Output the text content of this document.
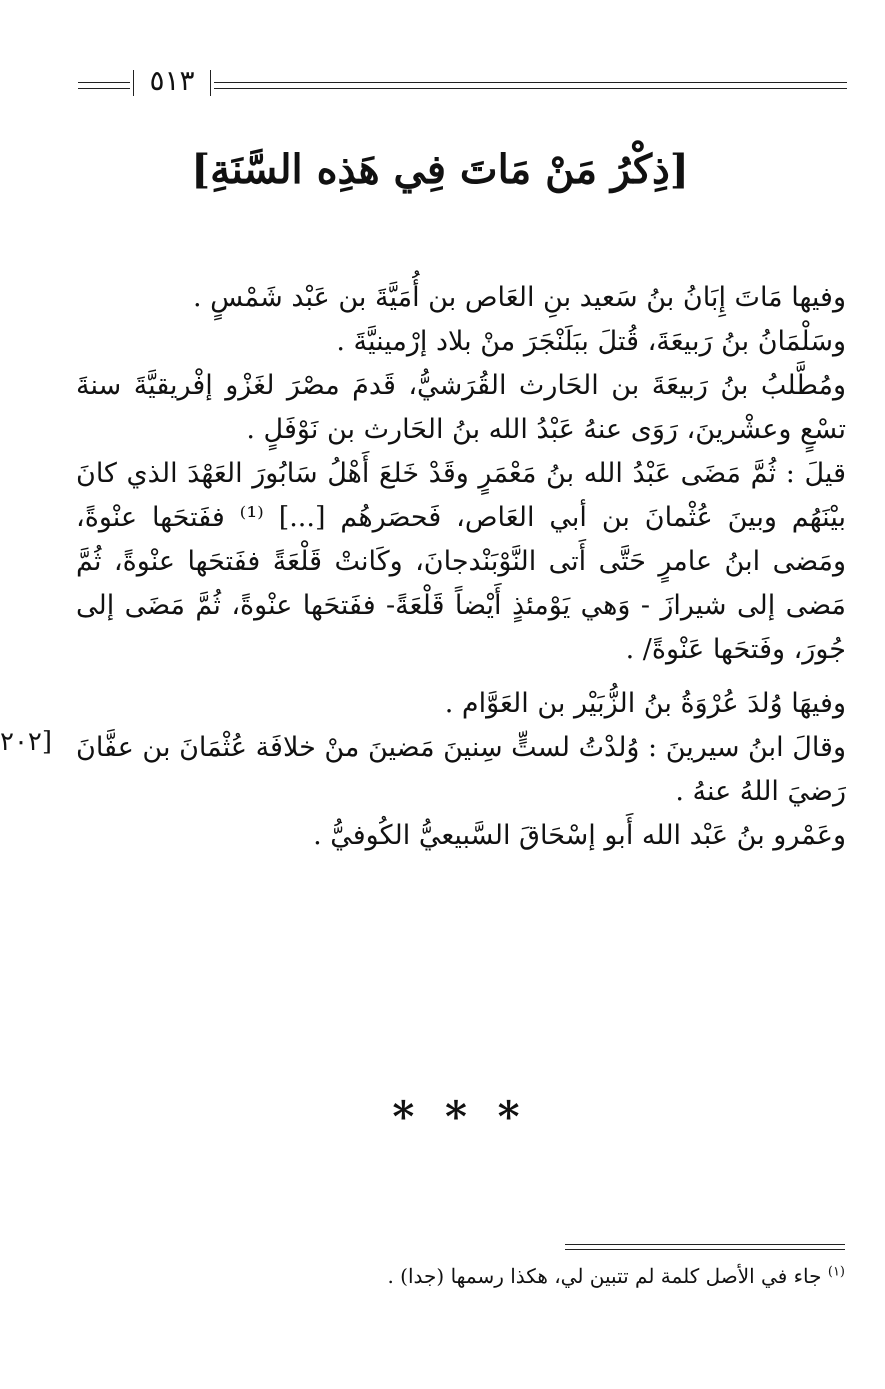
٥١٣
[ذِكْرُ مَنْ مَاتَ فِي هَذِه السَّنَةِ]

وفيها مَاتَ إِبَانُ بنُ سَعيد بنِ العَاص بن أُمَيَّةَ بن عَبْد شَمْسٍ .

وسَلْمَانُ بنُ رَبيعَةَ، قُتلَ ببَلَنْجَرَ منْ بلاد إرْمينيَّةَ .

ومُطَّلبُ بنُ رَبيعَةَ بن الحَارث القُرَشيُّ، قَدمَ مصْرَ لغَزْو إفْريقيَّةَ سنةَ تسْعٍ وعشْرينَ، رَوَى عنهُ عَبْدُ الله بنُ الحَارث بن نَوْفَلٍ .

قيلَ : ثُمَّ مَضَى عَبْدُ الله بنُ مَعْمَرٍ وقَدْ خَلعَ أَهْلُ سَابُورَ العَهْدَ الذي كانَ بيْنَهُم وبينَ عُثْمانَ بن أبي العَاص، فَحصَرهُم [...] ⁽¹⁾ ففَتحَها عنْوةً، ومَضى ابنُ عامرٍ حَتَّى أَتى النَّوْبَنْدجانَ، وكَانتْ قَلْعَةً ففَتحَها عنْوةً، ثُمَّ مَضى إلى شيرازَ - وَهي يَوْمئذٍ أَيْضاً قَلْعَةً- ففَتحَها عنْوةً، ثُمَّ مَضَى إلى جُورَ، وفَتحَها عَنْوةً/ .

وفيهَا وُلدَ عُرْوَةُ بنُ الزُّبَيْر بن العَوَّام .

وقالَ ابنُ سيرينَ : وُلدْتُ لستٍّ سِنينَ مَضينَ منْ خلافَة عُثْمَانَ بن عفَّانَ رَضيَ اللهُ عنهُ .

وعَمْرو بنُ عَبْد الله أَبو إسْحَاقَ السَّبيعيُّ الكُوفيُّ .

[٢٠٢
* * *
$^{(١)}$ جاء في الأصل كلمة لم تتبين لي، هكذا رسمها (جدا) .
